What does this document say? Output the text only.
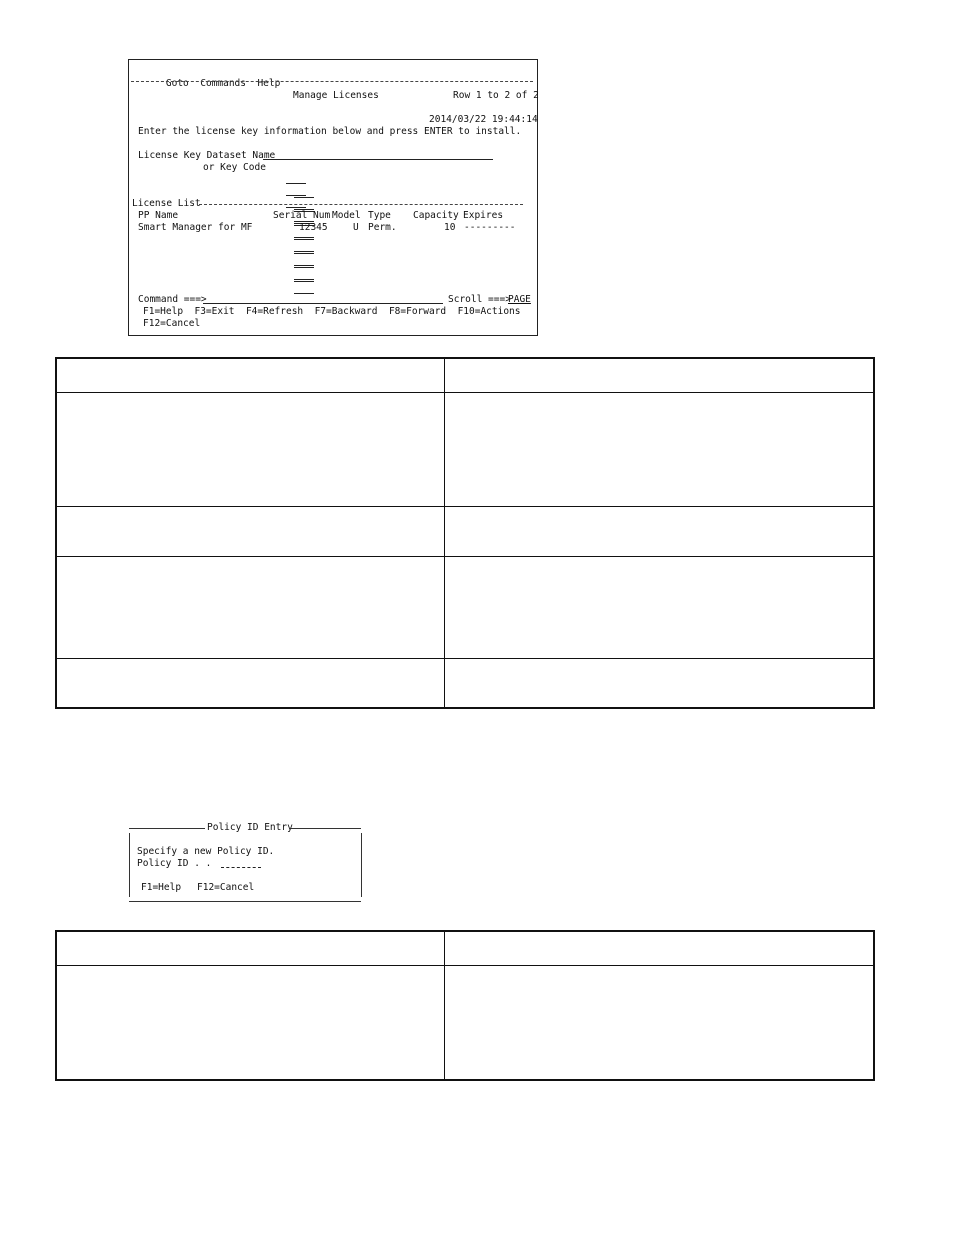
Goto Commands Help

Manage Licenses	Row 1 to 2 of 2
2014/03/22 19:44:14
Enter the license key information below and press ENTER to install.
License Key Dataset Name
or Key Code

License List
PP Name	Serial Num Model Type Capacity Expires
Smart Manager for MF	12345	U Perm.	10 ---------
Command ===>	Scroll ===>
PAGE
F1=Help  F3=Exit  F4=Refresh  F7=Backward  F8=Forward  F10=Actions
F12=Cancel

Policy ID Entry
Specify a new Policy ID.
Policy ID . .
F1=Help F12=Cancel
